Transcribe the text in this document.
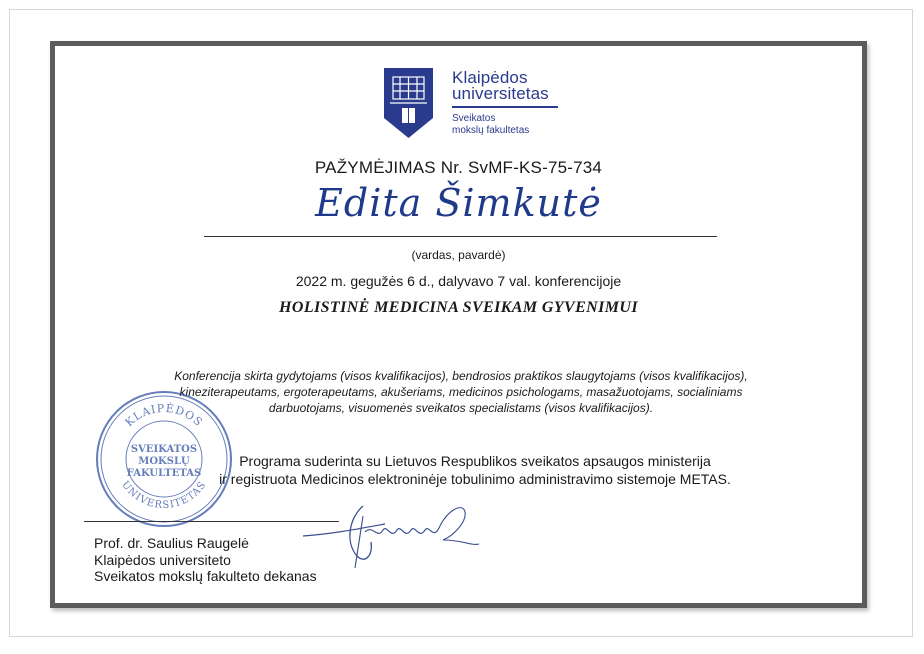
Klaipėdos
universitetas
Sveikatos
mokslų fakultetas
PAŽYMĖJIMAS Nr. SvMF-KS-75-734
Edita Šimkutė
(vardas, pavardė)
2022 m. gegužės 6 d., dalyvavo 7 val. konferencijoje
HOLISTINĖ MEDICINA SVEIKAM GYVENIMUI
Konferencija skirta gydytojams (visos kvalifikacijos), bendrosios praktikos slaugytojams (visos kvalifikacijos),
kineziterapeutams, ergoterapeutams, akušeriams, medicinos psichologams, masažuotojams, socialiniams
darbuotojams, visuomenės sveikatos specialistams (visos kvalifikacijos).
KLAIPĖDOS
UNIVERSITETAS
SVEIKATOS
MOKSLŲ
FAKULTETAS
Programa suderinta su Lietuvos Respublikos sveikatos apsaugos ministerija
ir registruota Medicinos elektroninėje tobulinimo administravimo sistemoje METAS.
Prof. dr. Saulius Raugelė
Klaipėdos universiteto
Sveikatos mokslų fakulteto dekanas
